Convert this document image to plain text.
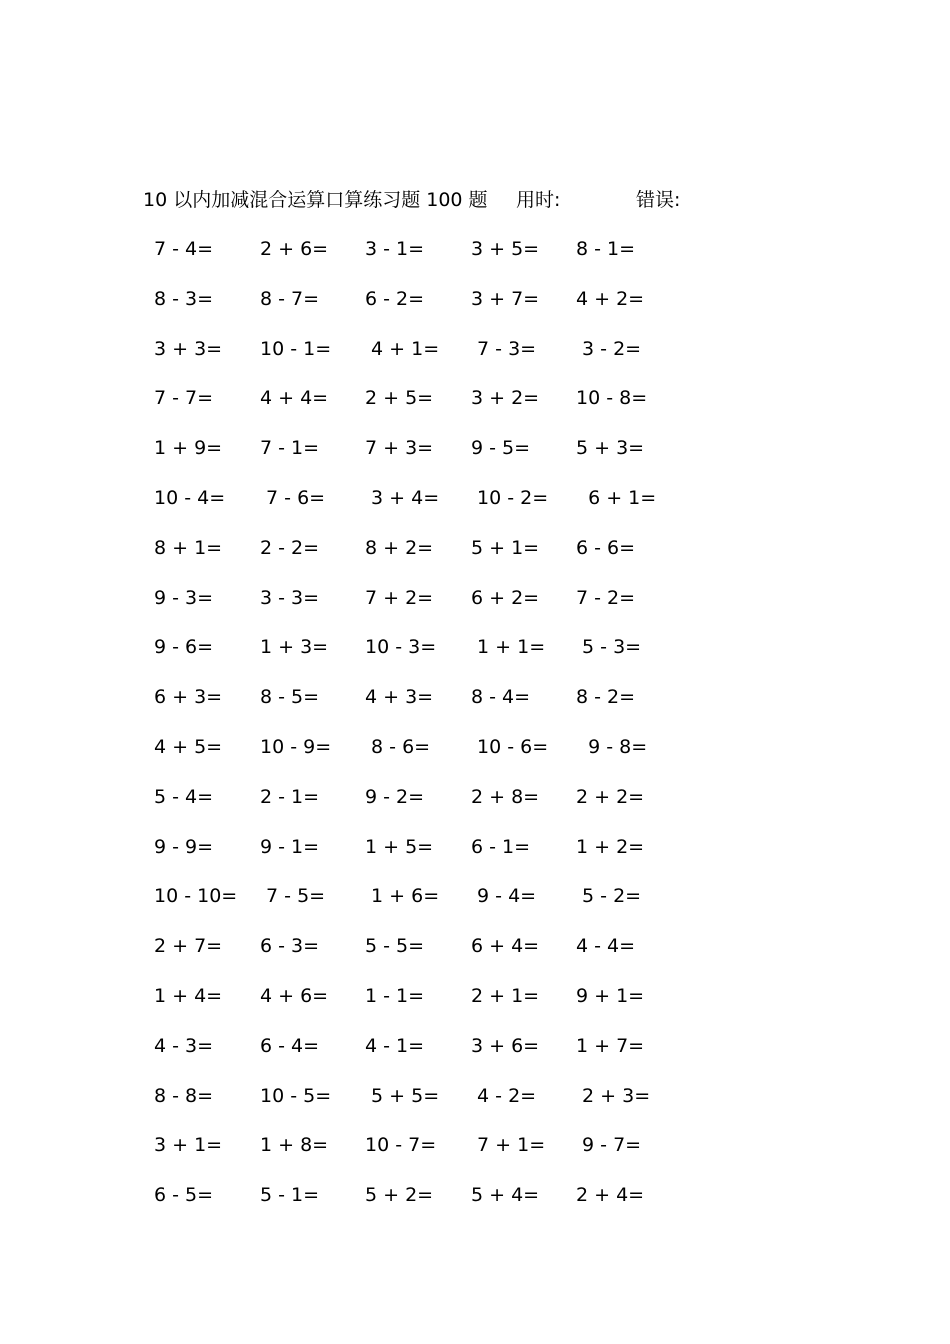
10 以内加减混合运算口算练习题 100 题 用时:	错误:
7 - 4=	2 + 6=	3 - 1=	3 + 5=	8 - 1=
8 - 3=	8 - 7=	6 - 2=	3 + 7=	4 + 2=
3 + 3=	10 - 1=	4 + 1=	7 - 3=	3 - 2=
7 - 7=	4 + 4=	2 + 5=	3 + 2=	10 - 8=
1 + 9=	7 - 1=	7 + 3=	9 - 5=	5 + 3=
10 - 4=	7 - 6=	3 + 4=	10 - 2=	6 + 1=
8 + 1=	2 - 2=	8 + 2=	5 + 1=	6 - 6=
9 - 3=	3 - 3=	7 + 2=	6 + 2=	7 - 2=
9 - 6=	1 + 3=	10 - 3=	1 + 1=	5 - 3=
6 + 3=	8 - 5=	4 + 3=	8 - 4=	8 - 2=
4 + 5=	10 - 9=	8 - 6=	10 - 6=	9 - 8=
5 - 4=	2 - 1=	9 - 2=	2 + 8=	2 + 2=
9 - 9=	9 - 1=	1 + 5=	6 - 1=	1 + 2=
10 - 10=	7 - 5=	1 + 6=	9 - 4=	5 - 2=
2 + 7=	6 - 3=	5 - 5=	6 + 4=	4 - 4=
1 + 4=	4 + 6=	1 - 1=	2 + 1=	9 + 1=
4 - 3=	6 - 4=	4 - 1=	3 + 6=	1 + 7=
8 - 8=	10 - 5=	5 + 5=	4 - 2=	2 + 3=
3 + 1=	1 + 8=	10 - 7=	7 + 1=	9 - 7=
6 - 5=	5 - 1=	5 + 2=	5 + 4=	2 + 4=
